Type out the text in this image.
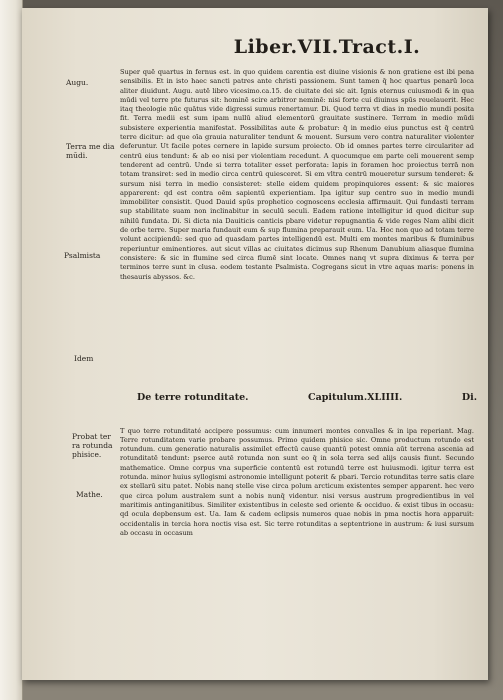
Liber.VII.Tract.I.
Augu.
Terra me dia mūdi.
Psalmista
Idem
Probat ter ra rotunda phisice.
Mathe.

Super quē quartus in fernus est. in quo quidem carentia est diuine visionis & non gratiene est ibi pena sensibilis. Et in isto haec sancti patres ante christi passionem. Sunt tamen q̄ hoc quartus penarū loca aliter diuidunt. Augu. autē libro vicesimo.ca.15. de ciuitate dei sic ait. Ignis eternus cuiusmodi & in qua mūdi vel terre pte futurus sit: hominē scire arbitror neminē: nisi forte cui diuinus spūs reuelauerit. Hec itaq theologie nūc quātus vide digressi sumus renertamur. Di. Quod terra vt dias in medio mundi posita fit. Terra medii est sum ipam nullū aliud elementorū grauitate sustinere. Terram in medio mūdi subsistere experientia manifestat. Possibilitas aute & probatur: q̄ in medio eius punctus est q̄ centrū terre dicitur: ad que oīa grauia naturaliter tendunt & mouent. Sursum vero contra naturaliter violenter deferuntur. Ut facile potes cernere in lapide sursum proiecto. Ob id omnes partes terre circulariter ad centrū eius tendunt: & ab eo nisi per violentiam recedunt. A quocumque em parte celi mouerent semp tenderent ad centrū. Unde si terra totaliter esset perforata: lapis in foramen hoc proiectus terrā non totam transiret: sed in medio circa centrū quiesceret. Si em vltra centrū moueretur sursum tenderet: & sursum nisi terra in medio consisteret: stelle eidem quidem propinquiores essent: & sic maiores apparerent: qd est contra oēm sapientū experientiam. Ipa igitur sup centro suo in medio mundi immobiliter consistit. Quod Dauid spūs prophetico cognoscens ecclesia affirmauit. Qui fundasti terram sup stabilitate suam non inclinabitur in seculū seculi. Eadem ratione intelligitur id quod dicitur sup nihilū fundata. Di. Si dicta nia Dauiticis canticis pbare videtur repugnantia & vide reges Nam alibi dicit de orbe terre. Super maria fundauit eum & sup flumina preparauit eum. Ua. Hoc non quo ad totam terre volunt accipiendū: sed quo ad quasdam partes intelligendū est. Multi em montes maribus & fluminibus reperiuntur eminentiores. aut sicut villas ac ciuitates dicimus sup Rhenum Danubium aliasque flumina consistere: & sic in flumine sed circa flumē sint locate. Omnes nanq vt supra diximus & terra per terminos terre sunt in clusa. eodem testante Psalmista. Cogregans sicut in vtre aquas maris: ponens in thesauris abyssos. &c.

De terre rotunditate.	Capitulum.XLIIII.	Di.

T quo terre rotunditaté accipere possumus: cum innumeri montes convalles & in ipa reperiant. Mag. Terre rotunditatem varie probare possumus. Primo quidem phisice sic. Omne productum rotundo est rotundum. cum generatio naturalis assimilet effectū cause quantū potest omnia aūt terrena ascenia ad rotunditatē tendunt: pserce autē rotunda non sunt eo q̄ in sola terra sed alijs causis fiunt. Secundo mathematice. Omne corpus vna superficie contentū est rotundū terre est huiusmodi. igitur terra est rotunda. minor huius syllogismi astronomie intelligunt poterit & pbari. Tercio rotunditas terre satis clare ex stellarū situ patet. Nobis nanq stelle vise circa polum arcticum existentes semper apparent. hec vero que circa polum australem sunt a nobis nunq̄ videntur. nisi versus austrum progredientibus in vel maritimis antinganitibus. Similiter existentibus in celeste sed oriente & occiduo. & exist tibus in occasu: qd ocula depbensum est. Ua. Iam & cadem eclipsis numeros quae nobis in pma noctis hora apparuit: occidentalis in tercia hora noctis visa est. Sic terre rotunditas a septentrione in austrum: & iusi sursum ab occasu in occasum
